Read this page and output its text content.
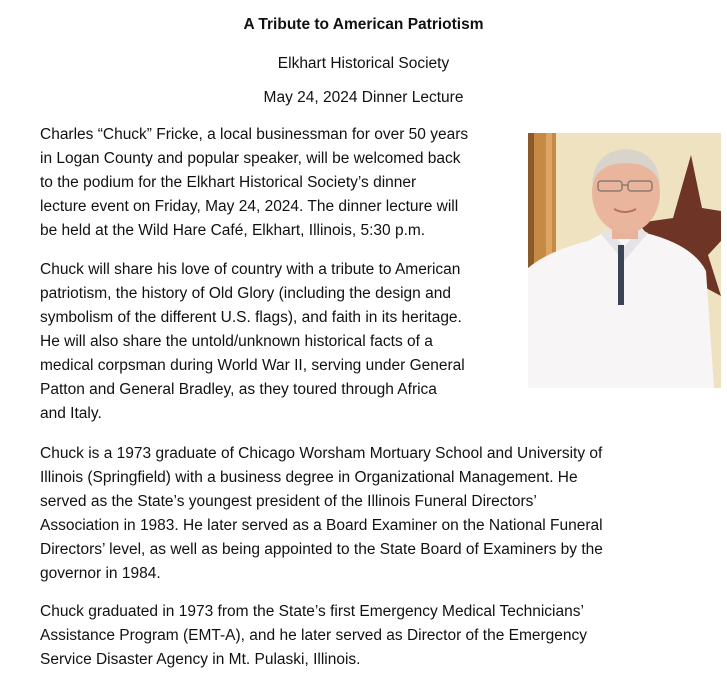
A Tribute to American Patriotism
Elkhart Historical Society
May 24, 2024 Dinner Lecture
Charles “Chuck” Fricke, a local businessman for over 50 years
in Logan County and popular speaker, will be welcomed back
to the podium for the Elkhart Historical Society’s dinner
lecture event on Friday, May 24, 2024. The dinner lecture will
be held at the Wild Hare Café, Elkhart, Illinois, 5:30 p.m.
Chuck will share his love of country with a tribute to American
patriotism, the history of Old Glory (including the design and
symbolism of the different U.S. flags), and faith in its heritage.
He will also share the untold/unknown historical facts of a
medical corpsman during World War II, serving under General
Patton and General Bradley, as they toured through Africa
and Italy.
Chuck is a 1973 graduate of Chicago Worsham Mortuary School and University of
Illinois (Springfield) with a business degree in Organizational Management. He
served as the State’s youngest president of the Illinois Funeral Directors’
Association in 1983. He later served as a Board Examiner on the National Funeral
Directors’ level, as well as being appointed to the State Board of Examiners by the
governor in 1984.
Chuck graduated in 1973 from the State’s first Emergency Medical Technicians’
Assistance Program (EMT-A), and he later served as Director of the Emergency
Service Disaster Agency in Mt. Pulaski, Illinois.
